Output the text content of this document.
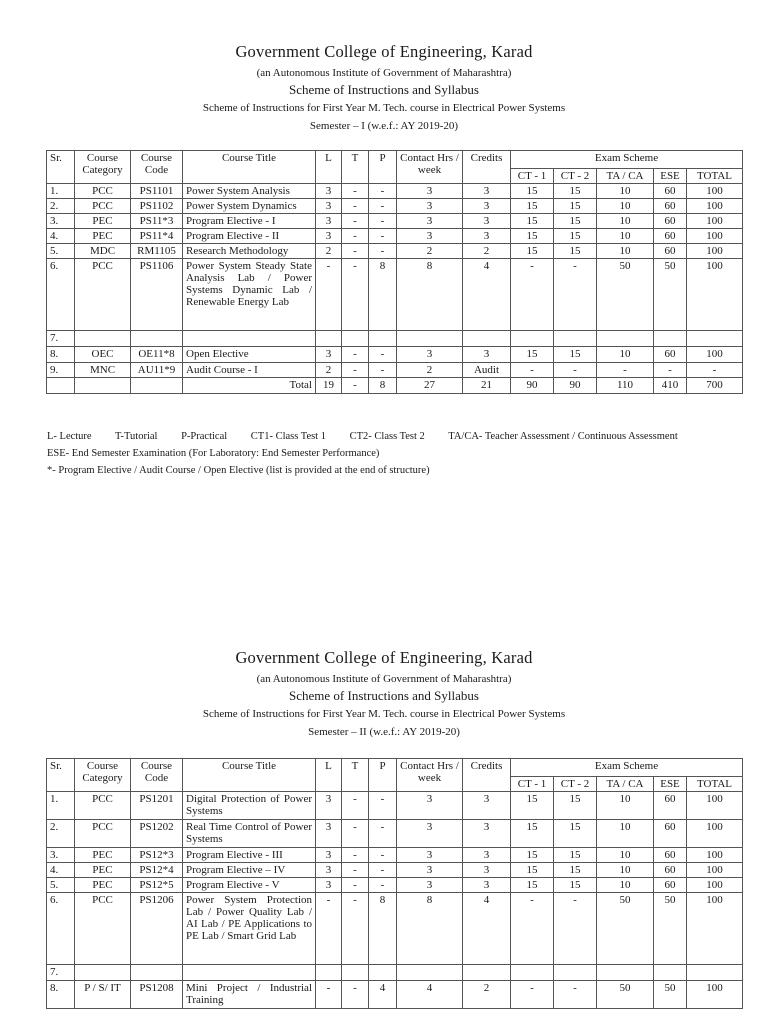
Government College of Engineering, Karad
(an Autonomous Institute of Government of Maharashtra)
Scheme of Instructions and Syllabus
Scheme of Instructions for First Year M. Tech. course in Electrical Power Systems
Semester – I (w.e.f.: AY 2019-20)
Sr.	Course Category	Course Code	Course Title	L	T	P	Contact Hrs / week	Credits	Exam Scheme				
									CT - 1	CT - 2	TA / CA	ESE	TOTAL
1.	PCC	PS1101	Power System Analysis	3	-	-	3	3	15	15	10	60	100
2.	PCC	PS1102	Power System Dynamics	3	-	-	3	3	15	15	10	60	100
3.	PEC	PS11*3	Program Elective - I	3	-	-	3	3	15	15	10	60	100
4.	PEC	PS11*4	Program Elective - II	3	-	-	3	3	15	15	10	60	100
5.	MDC	RM1105	Research Methodology	2	-	-	2	2	15	15	10	60	100
6.	PCC	PS1106	Power System Steady State Analysis Lab / Power Systems Dynamic Lab / Renewable Energy Lab	-	-	8	8	4	-	-	50	50	100
7.													
8.	OEC	OE11*8	Open Elective	3	-	-	3	3	15	15	10	60	100
9.	MNC	AU11*9	Audit Course - I	2	-	-	2	Audit	-	-	-	-	-
			Total	19	-	8	27	21	90	90	110	410	700
L- Lecture T-Tutorial P-Practical CT1- Class Test 1 CT2- Class Test 2 TA/CA- Teacher Assessment / Continuous Assessment
ESE- End Semester Examination (For Laboratory: End Semester Performance)
*- Program Elective / Audit Course / Open Elective (list is provided at the end of structure)
Government College of Engineering, Karad
(an Autonomous Institute of Government of Maharashtra)
Scheme of Instructions and Syllabus
Scheme of Instructions for First Year M. Tech. course in Electrical Power Systems
Semester – II (w.e.f.: AY 2019-20)
Sr.	Course Category	Course Code	Course Title	L	T	P	Contact Hrs / week	Credits	Exam Scheme				
									CT - 1	CT - 2	TA / CA	ESE	TOTAL
1.	PCC	PS1201	Digital Protection of Power Systems	3	-	-	3	3	15	15	10	60	100
2.	PCC	PS1202	Real Time Control of Power Systems	3	-	-	3	3	15	15	10	60	100
3.	PEC	PS12*3	Program Elective - III	3	-	-	3	3	15	15	10	60	100
4.	PEC	PS12*4	Program Elective – IV	3	-	-	3	3	15	15	10	60	100
5.	PEC	PS12*5	Program Elective - V	3	-	-	3	3	15	15	10	60	100
6.	PCC	PS1206	Power System Protection Lab / Power Quality Lab / AI Lab / PE Applications to PE Lab / Smart Grid Lab	-	-	8	8	4	-	-	50	50	100
7.													
8.	P / S/ IT	PS1208	Mini Project / Industrial Training	-	-	4	4	2	-	-	50	50	100
